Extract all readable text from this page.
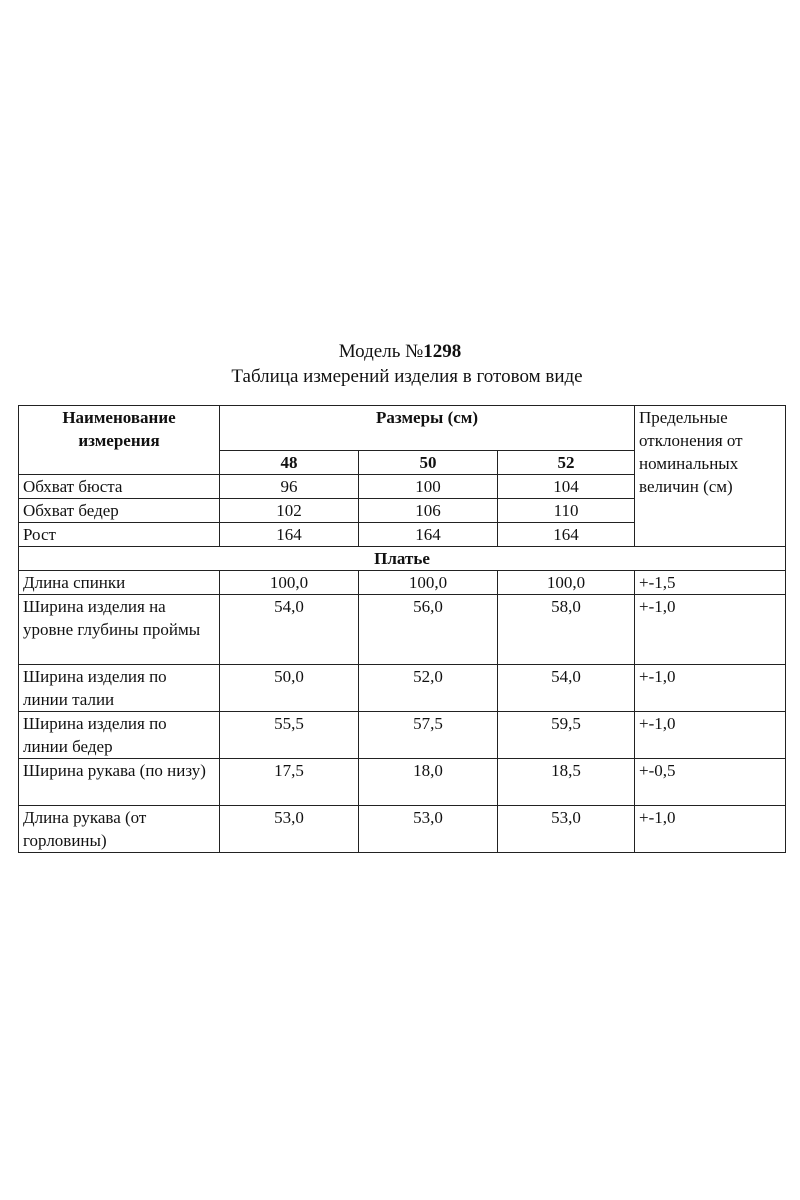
Модель №1298
Таблица измерений изделия в готовом виде
Наименование измерения	Размеры (см)			Предельные отклонения от номинальных величин (см)
	48	50	52	
Обхват бюста	96	100	104	
Обхват бедер	102	106	110	
Рост	164	164	164	
Платье				
Длина спинки	100,0	100,0	100,0	+-1,5
Ширина изделия на уровне глубины проймы	54,0	56,0	58,0	+-1,0
Ширина изделия по линии талии	50,0	52,0	54,0	+-1,0
Ширина изделия по линии бедер	55,5	57,5	59,5	+-1,0
Ширина рукава (по низу)	17,5	18,0	18,5	+-0,5
Длина рукава (от горловины)	53,0	53,0	53,0	+-1,0
